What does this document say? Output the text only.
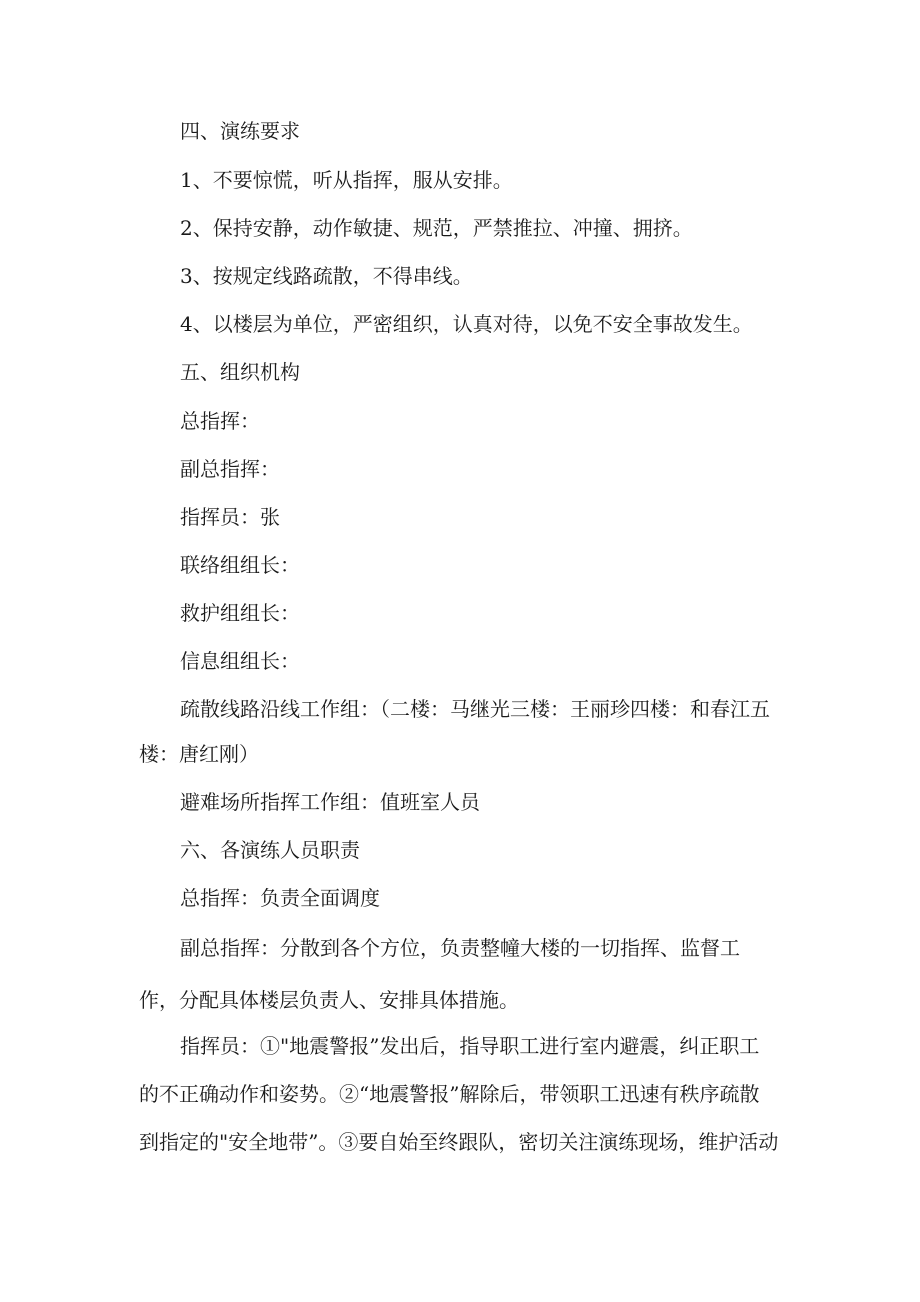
四、演练要求

1、不要惊慌，听从指挥，服从安排。

2、保持安静，动作敏捷、规范，严禁推拉、冲撞、拥挤。

3、按规定线路疏散，不得串线。

4、以楼层为单位，严密组织，认真对待，以免不安全事故发生。

五、组织机构

总指挥：

副总指挥：

指挥员：张

联络组组长：

救护组组长：

信息组组长：

疏散线路沿线工作组：（二楼：马继光三楼：王丽珍四楼：和春江五

楼：唐红刚）

避难场所指挥工作组：值班室人员

六、各演练人员职责

总指挥：负责全面调度

副总指挥：分散到各个方位，负责整幢大楼的一切指挥、监督工

作，分配具体楼层负责人、安排具体措施。

指挥员：①"地震警报”发出后，指导职工进行室内避震，纠正职工

的不正确动作和姿势。②“地震警报”解除后，带领职工迅速有秩序疏散

到指定的"安全地带”。③要自始至终跟队，密切关注演练现场，维护活动
